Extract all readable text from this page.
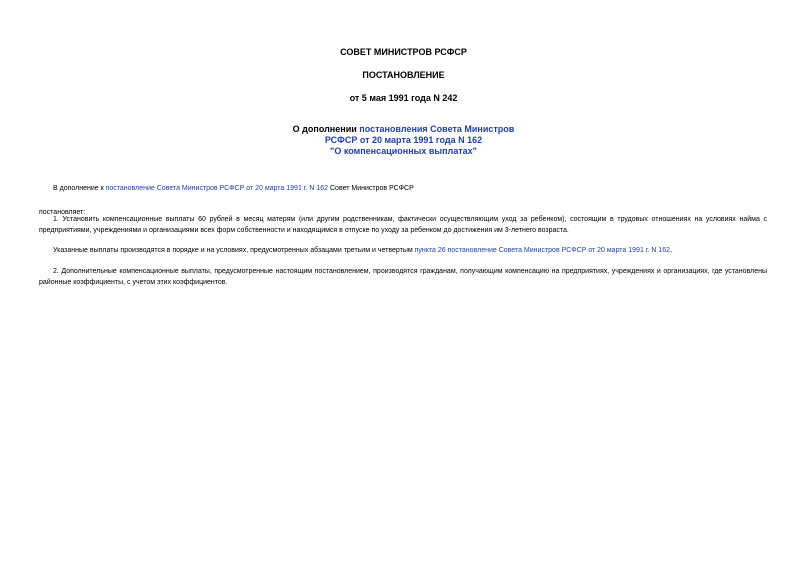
СОВЕТ МИНИСТРОВ РСФСР
ПОСТАНОВЛЕНИЕ
от 5 мая 1991 года N 242
О дополнении постановления Совета Министров
РСФСР от 20 марта 1991 года N 162
"О компенсационных выплатах"
В дополнение к постановление Совета Министров РСФСР от 20 марта 1991 г. N 162 Совет Министров РСФСР
постановляет:
1. Установить компенсационные выплаты 60 рублей в месяц матерям (или другим родственникам, фактически осуществляющим уход за ребенком), состоящим в трудовых отношениях на условиях найма с предприятиями, учреждениями и организациями всех форм собственности и находящимся в отпуске по уходу за ребенком до достижения им 3-летнего возраста.
Указанные выплаты производятся в порядке и на условиях, предусмотренных абзацами третьим и четвертым пункта 26 постановление Совета Министров РСФСР от 20 марта 1991 г. N 162.
2. Дополнительные компенсационные выплаты, предусмотренные настоящим постановлением, производятся гражданам, получающим компенсацию на предприятиях, учреждениях и организациях, где установлены районные коэффициенты, с учетом этих коэффициентов.
